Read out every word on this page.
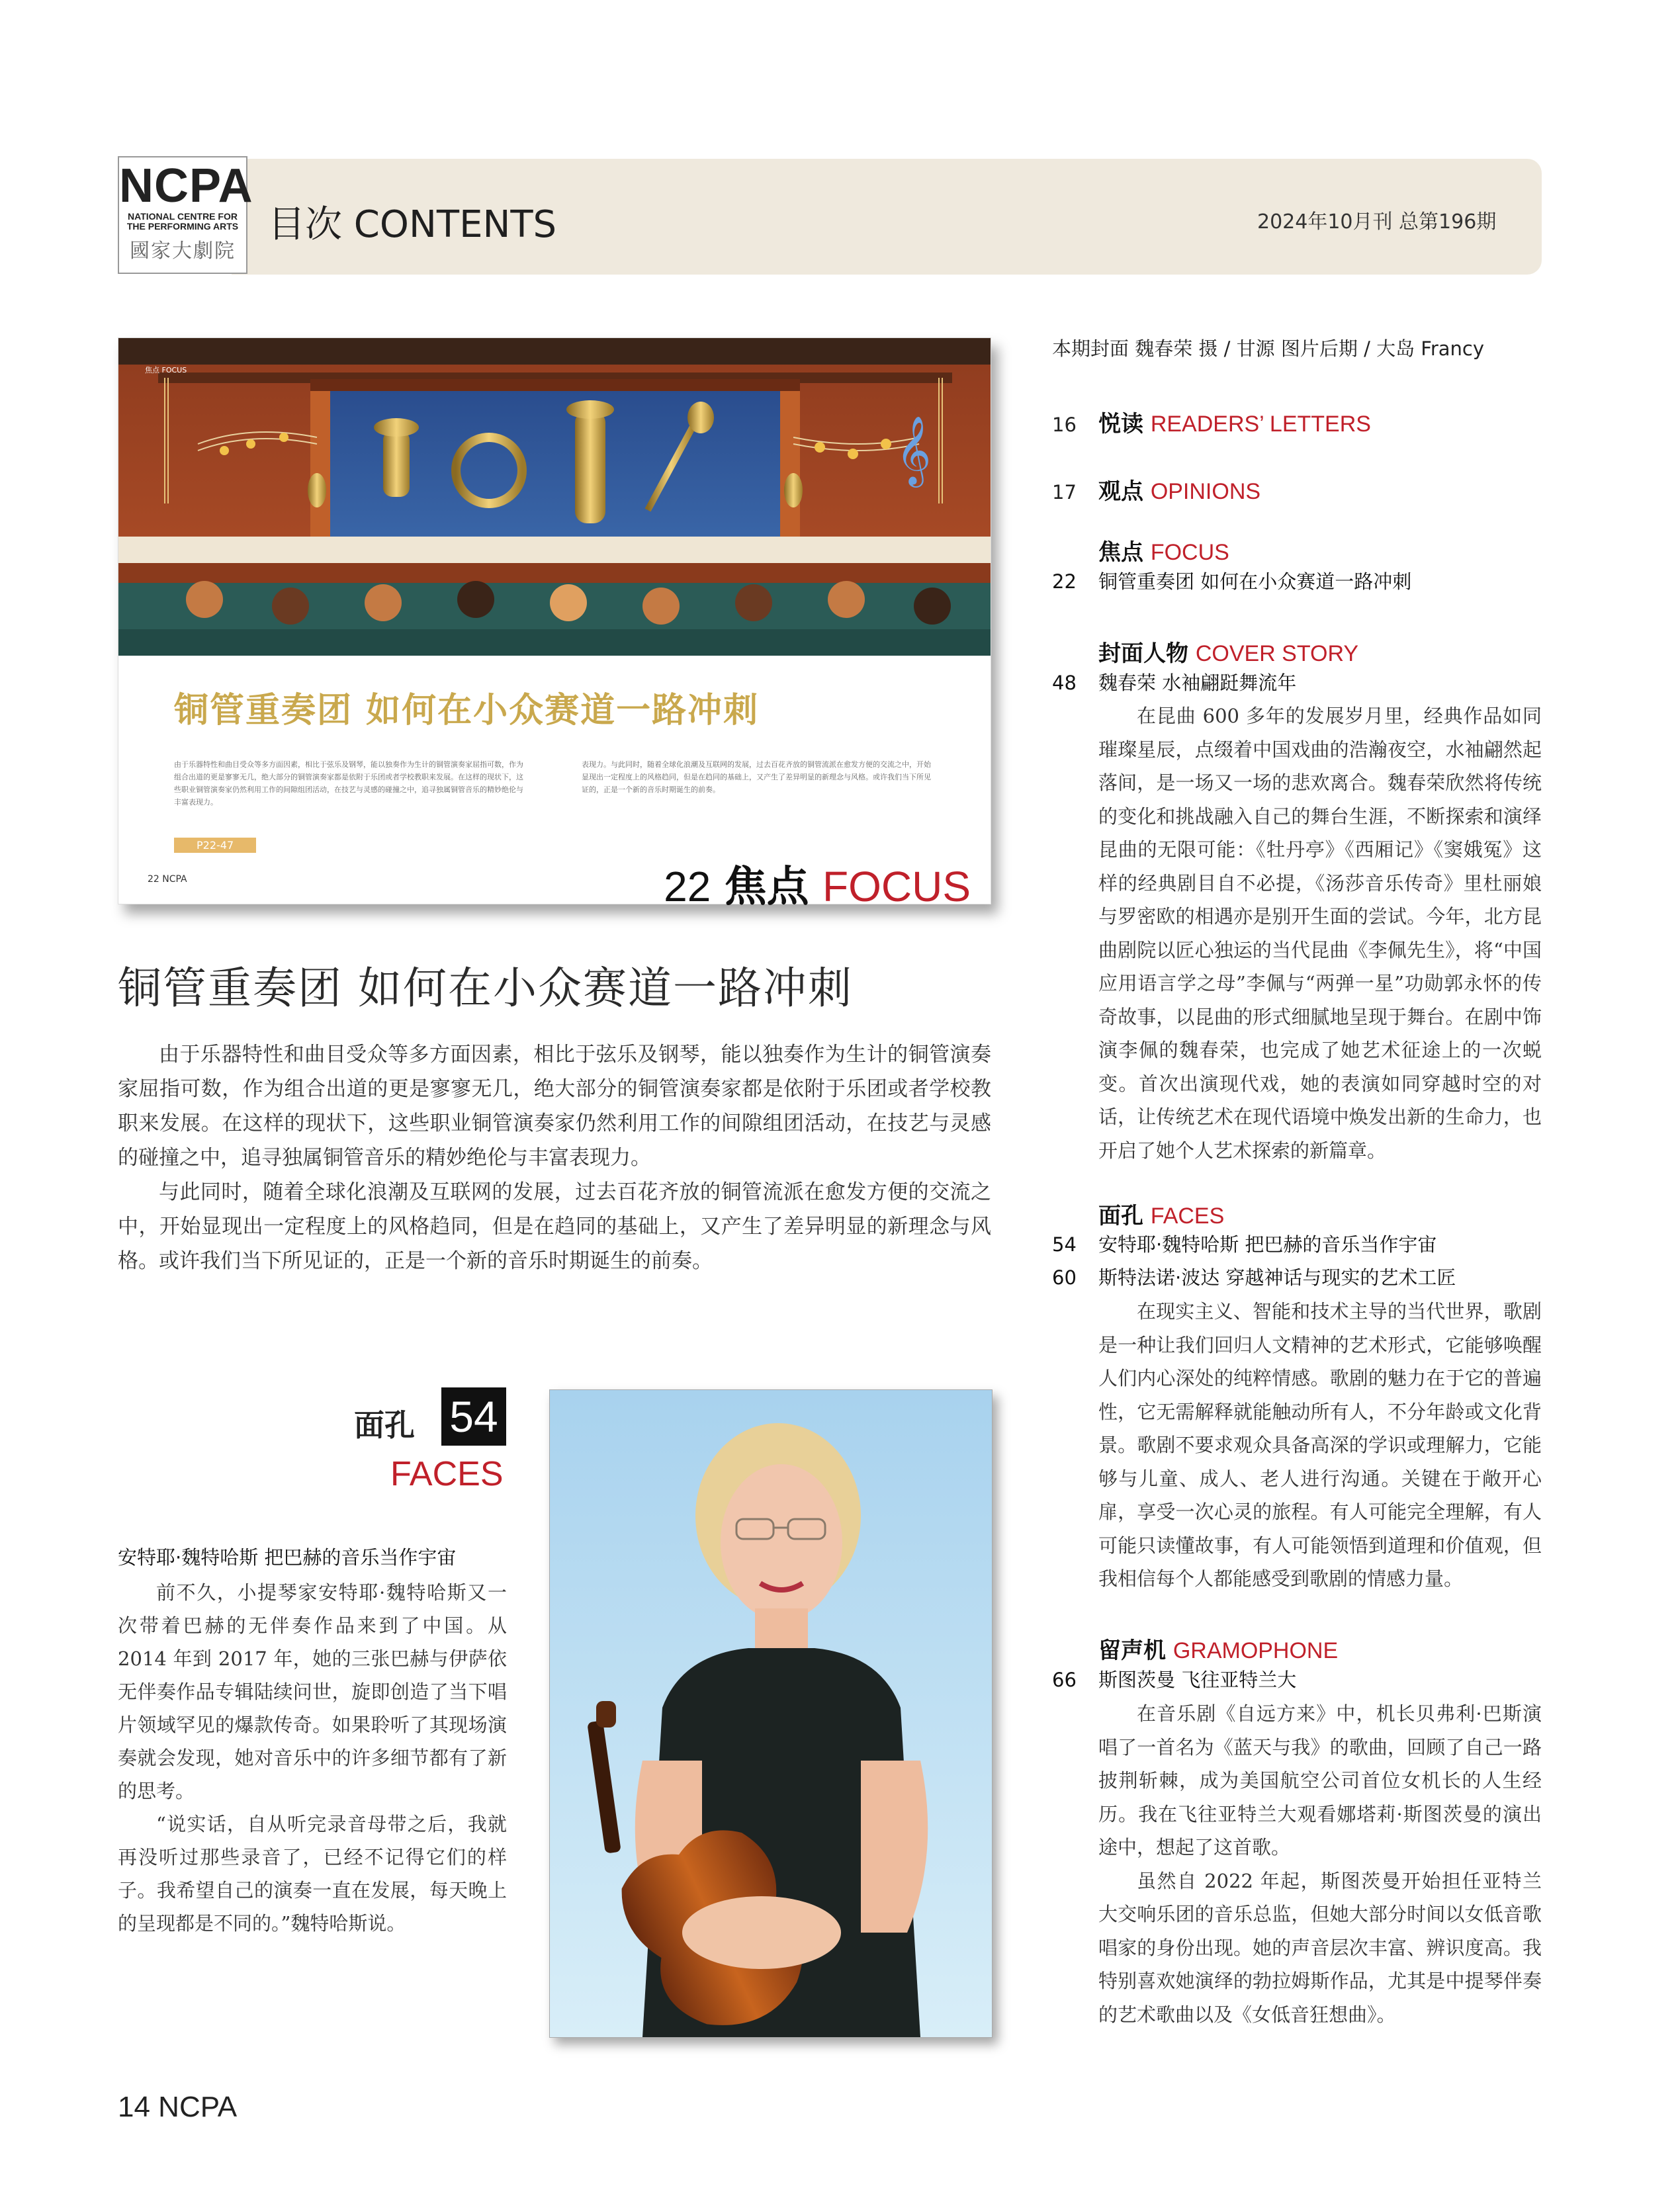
NCPA
NATIONAL CENTRE FOR
THE PERFORMING ARTS
國家大劇院
目次 CONTENTS	2024年10月刊 总第196期
𝄞
焦点 FOCUS
铜管重奏团 如何在小众赛道一路冲刺
由于乐器特性和曲目受众等多方面因素，相比于弦乐及钢琴，能以独奏作为生计的铜管演奏家屈指可数，作为组合出道的更是寥寥无几，绝大部分的铜管演奏家都是依附于乐团或者学校教职来发展。在这样的现状下，这些职业铜管演奏家仍然利用工作的间隙组团活动，在技艺与灵感的碰撞之中，追寻独属铜管音乐的精妙绝伦与丰富表现力。
表现力。与此同时，随着全球化浪潮及互联网的发展，过去百花齐放的铜管流派在愈发方便的交流之中，开始显现出一定程度上的风格趋同，但是在趋同的基础上，又产生了差异明显的新理念与风格。或许我们当下所见证的，正是一个新的音乐时期诞生的前奏。
P22-47
22 NCPA	22 焦点 FOCUS
铜管重奏团 如何在小众赛道一路冲刺

由于乐器特性和曲目受众等多方面因素，相比于弦乐及钢琴，能以独奏作为生计的铜管演奏家屈指可数，作为组合出道的更是寥寥无几，绝大部分的铜管演奏家都是依附于乐团或者学校教职来发展。在这样的现状下，这些职业铜管演奏家仍然利用工作的间隙组团活动，在技艺与灵感的碰撞之中，追寻独属铜管音乐的精妙绝伦与丰富表现力。

与此同时，随着全球化浪潮及互联网的发展，过去百花齐放的铜管流派在愈发方便的交流之中，开始显现出一定程度上的风格趋同，但是在趋同的基础上，又产生了差异明显的新理念与风格。或许我们当下所见证的，正是一个新的音乐时期诞生的前奏。

面孔 54
FACES
安特耶·魏特哈斯 把巴赫的音乐当作宇宙

前不久，小提琴家安特耶·魏特哈斯又一次带着巴赫的无伴奏作品来到了中国。从 2014 年到 2017 年，她的三张巴赫与伊萨依无伴奏作品专辑陆续问世，旋即创造了当下唱片领域罕见的爆款传奇。如果聆听了其现场演奏就会发现，她对音乐中的许多细节都有了新的思考。

“说实话，自从听完录音母带之后，我就再没听过那些录音了，已经不记得它们的样子。我希望自己的演奏一直在发展，每天晚上的呈现都是不同的。”魏特哈斯说。

14 NCPA
本期封面 魏春荣 摄 / 甘源 图片后期 / 大岛 Francy
16 悦读 READERS’ LETTERS
17 观点 OPINIONS
焦点 FOCUS
22 铜管重奏团 如何在小众赛道一路冲刺
封面人物 COVER STORY
48 魏春荣 水袖翩跹舞流年

在昆曲 600 多年的发展岁月里，经典作品如同璀璨星辰，点缀着中国戏曲的浩瀚夜空，水袖翩然起落间，是一场又一场的悲欢离合。魏春荣欣然将传统的变化和挑战融入自己的舞台生涯，不断探索和演绎昆曲的无限可能：《牡丹亭》《西厢记》《窦娥冤》这样的经典剧目自不必提，《汤莎音乐传奇》里杜丽娘与罗密欧的相遇亦是别开生面的尝试。今年，北方昆曲剧院以匠心独运的当代昆曲《李佩先生》，将“中国应用语言学之母”李佩与“两弹一星”功勋郭永怀的传奇故事，以昆曲的形式细腻地呈现于舞台。在剧中饰演李佩的魏春荣，也完成了她艺术征途上的一次蜕变。首次出演现代戏，她的表演如同穿越时空的对话，让传统艺术在现代语境中焕发出新的生命力，也开启了她个人艺术探索的新篇章。

面孔 FACES
54 安特耶·魏特哈斯 把巴赫的音乐当作宇宙
60 斯特法诺·波达 穿越神话与现实的艺术工匠

在现实主义、智能和技术主导的当代世界，歌剧是一种让我们回归人文精神的艺术形式，它能够唤醒人们内心深处的纯粹情感。歌剧的魅力在于它的普遍性，它无需解释就能触动所有人，不分年龄或文化背景。歌剧不要求观众具备高深的学识或理解力，它能够与儿童、成人、老人进行沟通。关键在于敞开心扉，享受一次心灵的旅程。有人可能完全理解，有人可能只读懂故事，有人可能领悟到道理和价值观，但我相信每个人都能感受到歌剧的情感力量。

留声机 GRAMOPHONE
66 斯图茨曼 飞往亚特兰大

在音乐剧《自远方来》中，机长贝弗利·巴斯演唱了一首名为《蓝天与我》的歌曲，回顾了自己一路披荆斩棘，成为美国航空公司首位女机长的人生经历。我在飞往亚特兰大观看娜塔莉·斯图茨曼的演出途中，想起了这首歌。

虽然自 2022 年起，斯图茨曼开始担任亚特兰大交响乐团的音乐总监，但她大部分时间以女低音歌唱家的身份出现。她的声音层次丰富、辨识度高。我特别喜欢她演绎的勃拉姆斯作品，尤其是中提琴伴奏的艺术歌曲以及《女低音狂想曲》。
